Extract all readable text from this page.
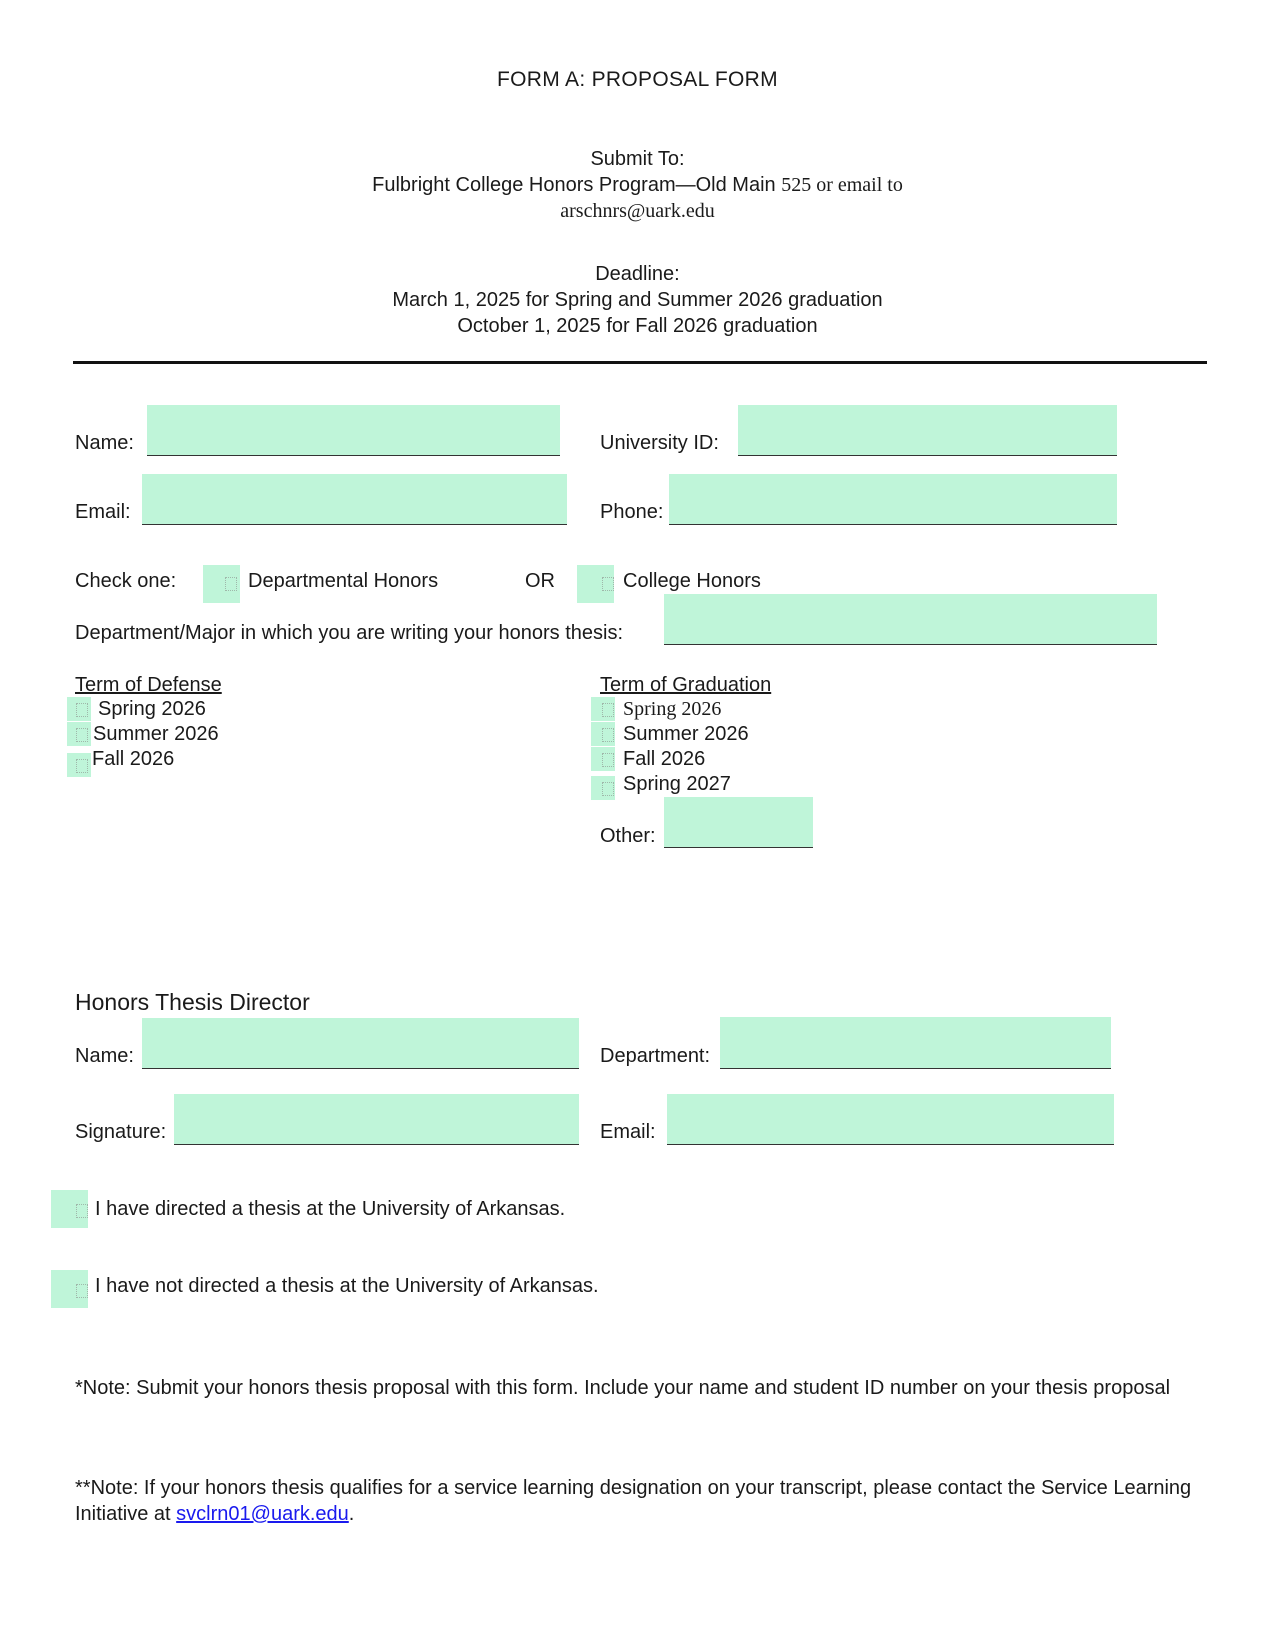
FORM A: PROPOSAL FORM
Submit To:
Fulbright College Honors Program—Old Main 525 or email to
arschnrs@uark.edu
Deadline:
March 1, 2025 for Spring and Summer 2026 graduation
October 1, 2025 for Fall 2026 graduation
Name:	University ID:
Email:	Phone:
Check one:	Departmental Honors	OR	College Honors
Department/Major in which you are writing your honors thesis:
Term of Defense
Spring 2026
Summer 2026
Fall 2026
Term of Graduation
Spring 2026
Summer 2026
Fall 2026
Spring 2027
Other:
Honors Thesis Director
Name:	Department:
Signature:	Email:
I have directed a thesis at the University of Arkansas.
I have not directed a thesis at the University of Arkansas.
*Note: Submit your honors thesis proposal with this form. Include your name and student ID number on your thesis proposal
**Note: If your honors thesis qualifies for a service learning designation on your transcript, please contact the Service Learning Initiative at svclrn01@uark.edu.
